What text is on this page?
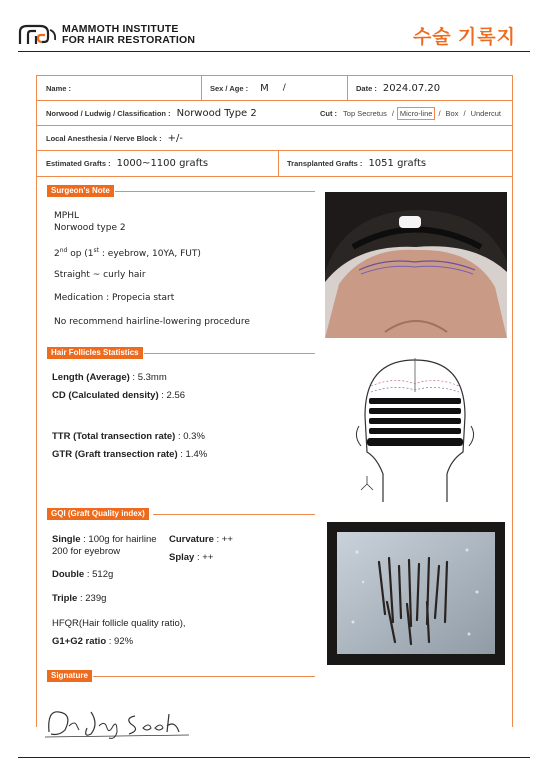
MAMMOTH INSTITUTE
FOR HAIR RESTORATION	수술 기록지
Name :	Sex / Age : M /	Date : 2024.07.20
Norwood / Ludwig / Classification : Norwood Type 2	Cut : Top Secretus / Micro-line / Box / Undercut
Local Anesthesia / Nerve Block : +/-
Estimated Grafts : 1000~1100 grafts	Transplanted Grafts : 1051 grafts
Surgeon's Note
MPHL
Norwood type 2
2nd op (1st : eyebrow, 10YA, FUT)
Straight ~ curly hair
Medication : Propecia start
No recommend hairline-lowering procedure
Hair Follicles Statistics
Length (Average) : 5.3mm
CD (Calculated density) : 2.56
TTR (Total transection rate) : 0.3%
GTR (Graft transection rate) : 1.4%
GQI (Graft Quality index)
Single : 100g for hairline
200 for eyebrow
Curvature : ++
Splay : ++
Double : 512g
Triple : 239g
HFQR(Hair follicle quality ratio),
G1+G2 ratio : 92%
Signature
